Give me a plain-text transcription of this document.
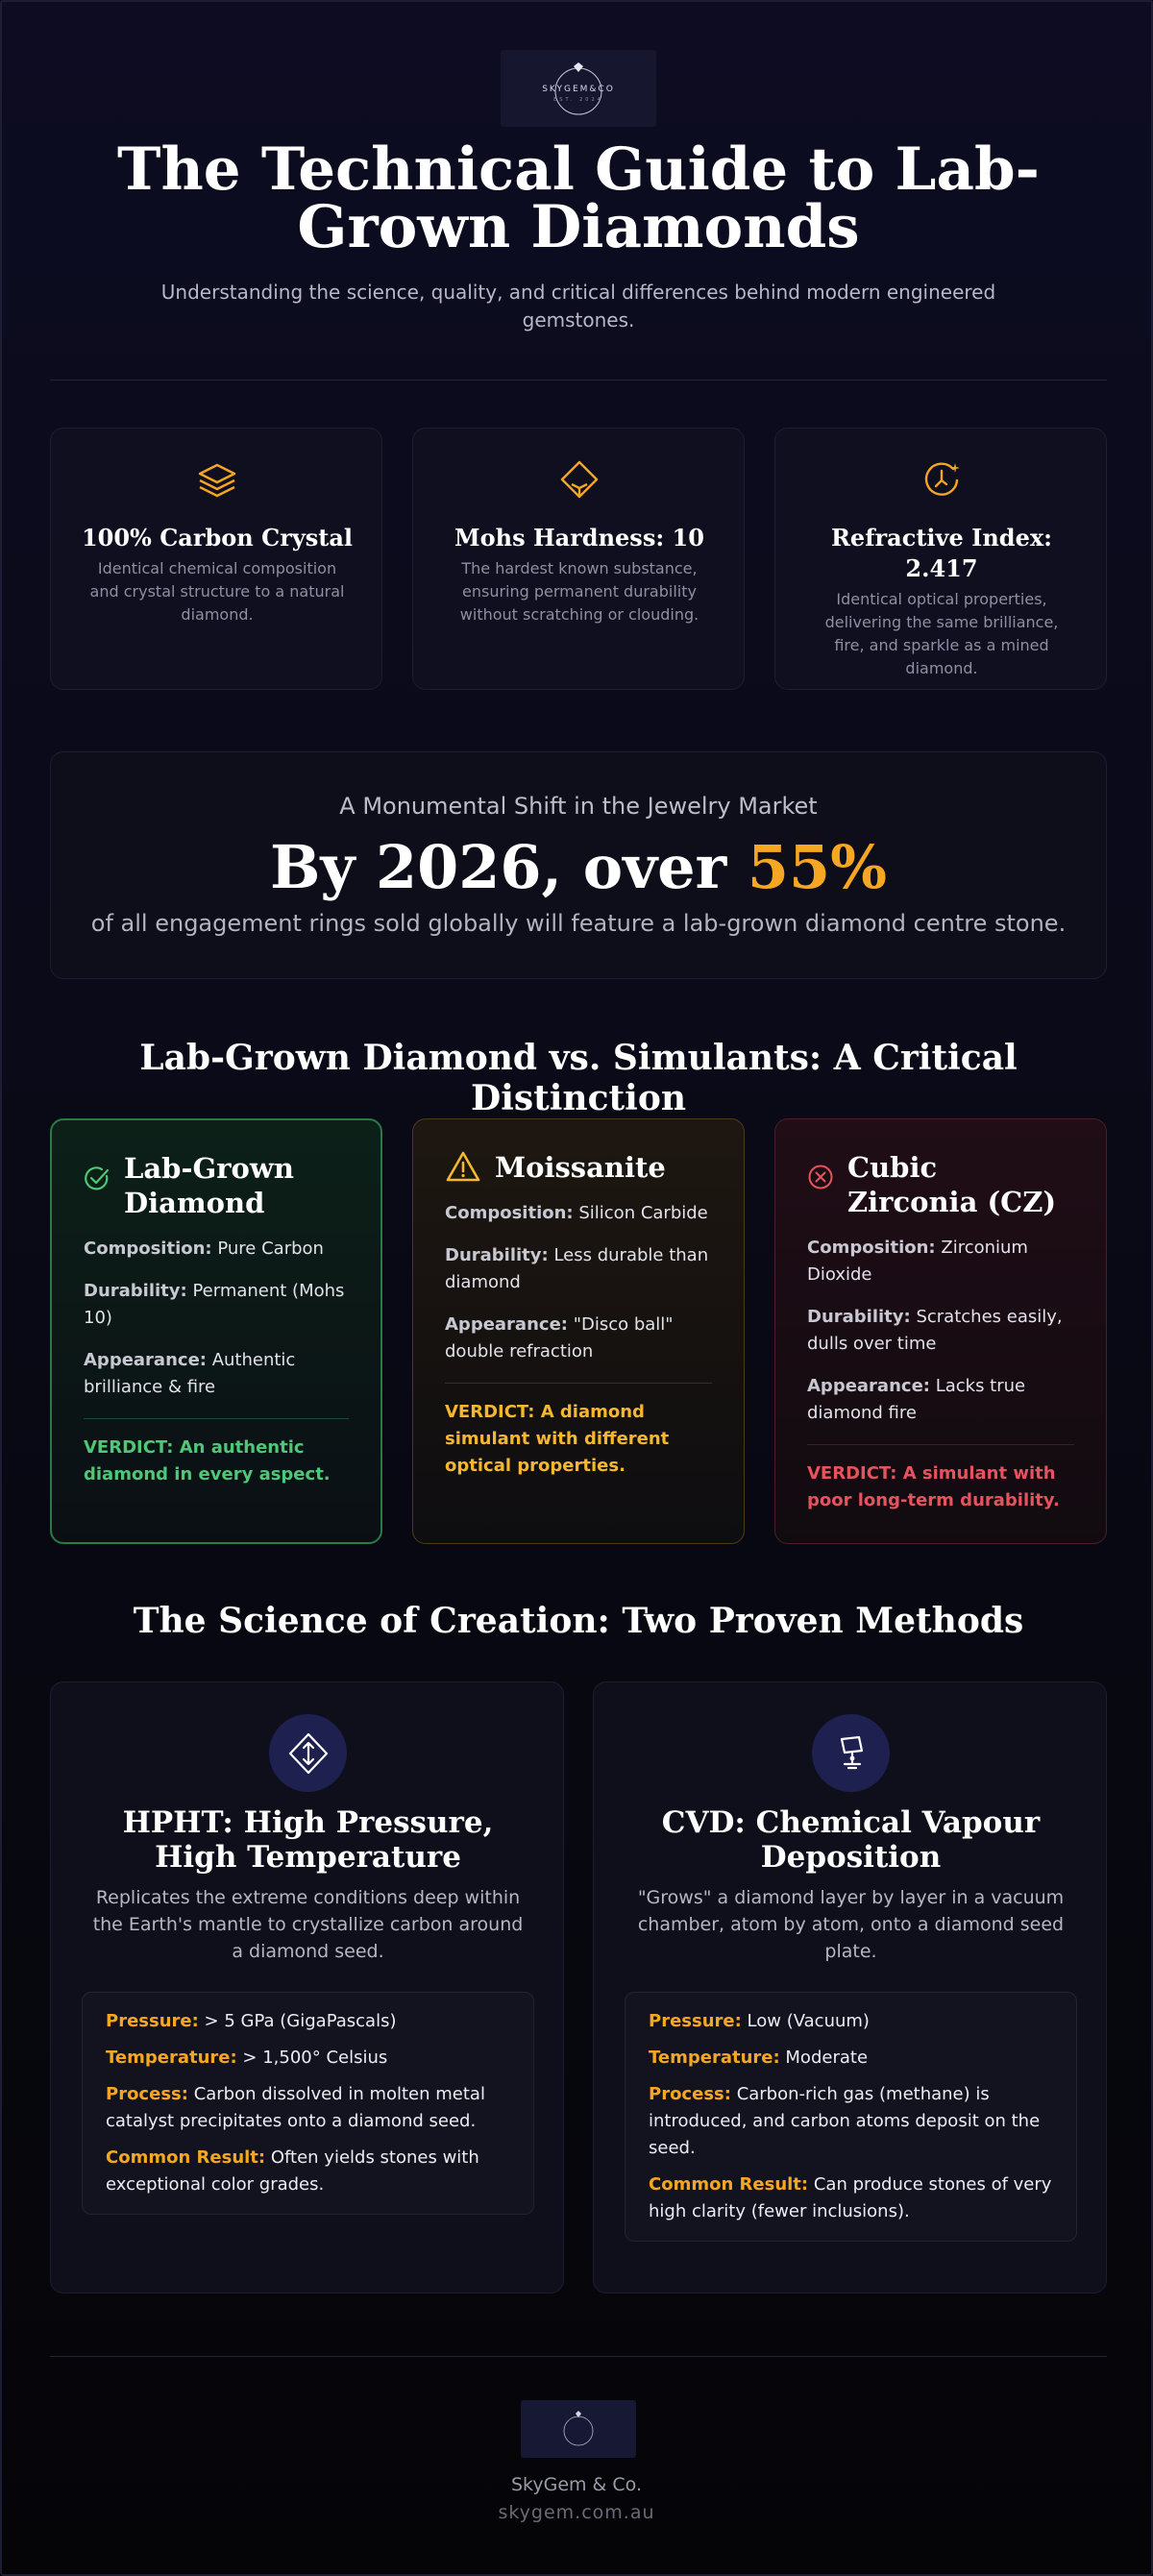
SKYGEM&CO
EST. 2024
The Technical Guide to Lab-Grown Diamonds

Understanding the science, quality, and critical differences behind modern engineered gemstones.

100% Carbon Crystal

Identical chemical composition and crystal structure to a natural diamond.

Mohs Hardness: 10

The hardest known substance, ensuring permanent durability without scratching or clouding.

Refractive Index: 2.417

Identical optical properties, delivering the same brilliance, fire, and sparkle as a mined diamond.

A Monumental Shift in the Jewelry Market
By 2026, over 55%
of all engagement rings sold globally will feature a lab-grown diamond centre stone.
Lab-Grown Diamond vs. Simulants: A Critical Distinction
Lab-Grown Diamond
Composition: Pure Carbon
Durability: Permanent (Mohs 10)
Appearance: Authentic brilliance & fire
VERDICT: An authentic diamond in every aspect.
Moissanite
Composition: Silicon Carbide
Durability: Less durable than diamond
Appearance: "Disco ball" double refraction
VERDICT: A diamond simulant with different optical properties.
Cubic Zirconia (CZ)
Composition: Zirconium Dioxide
Durability: Scratches easily, dulls over time
Appearance: Lacks true diamond fire
VERDICT: A simulant with poor long-term durability.
The Science of Creation: Two Proven Methods
HPHT: High Pressure, High Temperature

Replicates the extreme conditions deep within the Earth's mantle to crystallize carbon around a diamond seed.

Pressure: > 5 GPa (GigaPascals)
Temperature: > 1,500° Celsius
Process: Carbon dissolved in molten metal catalyst precipitates onto a diamond seed.
Common Result: Often yields stones with exceptional color grades.
CVD: Chemical Vapour Deposition

"Grows" a diamond layer by layer in a vacuum chamber, atom by atom, onto a diamond seed plate.

Pressure: Low (Vacuum)
Temperature: Moderate
Process: Carbon-rich gas (methane) is introduced, and carbon atoms deposit on the seed.
Common Result: Can produce stones of very high clarity (fewer inclusions).
SkyGem & Co.
skygem.com.au
